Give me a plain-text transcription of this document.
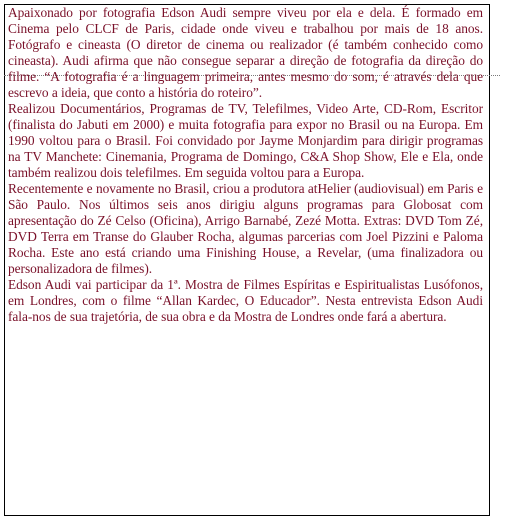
Apaixonado por fotografia Edson Audi sempre viveu por ela e dela. É formado em Cinema pelo CLCF de Paris, cidade onde viveu e trabalhou por mais de 18 anos. Fotógrafo e cineasta (O diretor de cinema ou realizador (é também conhecido como cineasta). Audi afirma que não consegue separar a direção de fotografia da direção do filme. “A fotografia é a linguagem primeira, antes mesmo do som, é através dela que escrevo a ideia, que conto a história do roteiro”.

Realizou Documentários, Programas de TV, Telefilmes, Video Arte, CD-Rom, Escritor (finalista do Jabuti em 2000) e muita fotografia para expor no Brasil ou na Europa. Em 1990 voltou para o Brasil. Foi convidado por Jayme Monjardim para dirigir programas na TV Manchete: Cinemania, Programa de Domingo, C&A Shop Show, Ele e Ela, onde também realizou dois telefilmes. Em seguida voltou para a Europa.

Recentemente e novamente no Brasil, criou a produtora atHelier (audiovisual) em Paris e São Paulo. Nos últimos seis anos dirigiu alguns programas para Globosat com apresentação do Zé Celso (Oficina), Arrigo Barnabé, Zezé Motta. Extras: DVD Tom Zé, DVD Terra em Transe do Glauber Rocha, algumas parcerias com Joel Pizzini e Paloma Rocha. Este ano está criando uma Finishing House, a Revelar, (uma finalizadora ou personalizadora de filmes).

Edson Audi vai participar da 1ª. Mostra de Filmes Espíritas e Espiritualistas Lusófonos, em Londres, com o filme “Allan Kardec, O Educador”. Nesta entrevista Edson Audi fala-nos de sua trajetória, de sua obra e da Mostra de Londres onde fará a abertura.
